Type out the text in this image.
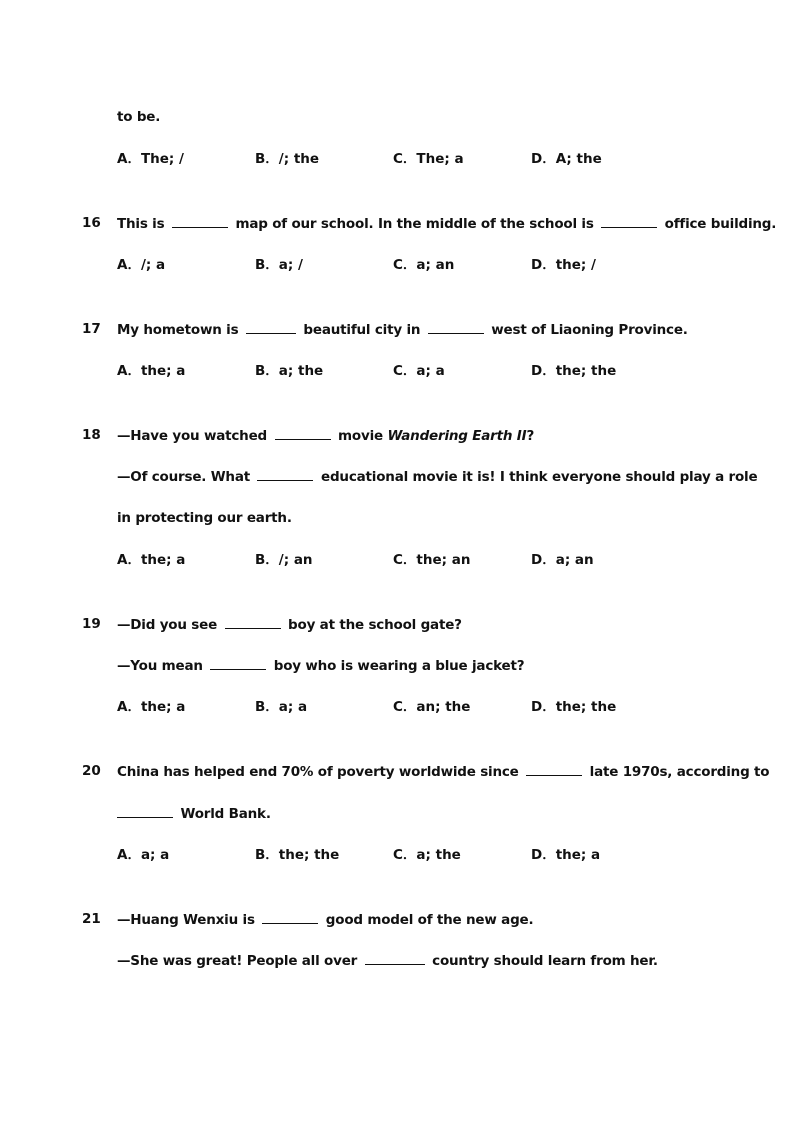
to be.
A．The; /	B．/; the	C．The; a	D．A; the
16 This is	map of our school. In the middle of the school is	office building.
A．/; a	B．a; /	C．a; an	D．the; /
17 My hometown is	beautiful city in	west of Liaoning Province.
A．the; a	B．a; the	C．a; a	D．the; the
18 —Have you watched	movie Wandering Earth II?
—Of course. What	educational movie it is! I think everyone should play a role
in protecting our earth.
A．the; a	B．/; an	C．the; an	D．a; an
19 —Did you see	boy at the school gate?
—You mean	boy who is wearing a blue jacket?
A．the; a	B．a; a	C．an; the	D．the; the
20 China has helped end 70% of poverty worldwide since	late 1970s, according to
World Bank.
A．a; a	B．the; the	C．a; the	D．the; a
21 —Huang Wenxiu is	good model of the new age.
—She was great! People all over	country should learn from her.
